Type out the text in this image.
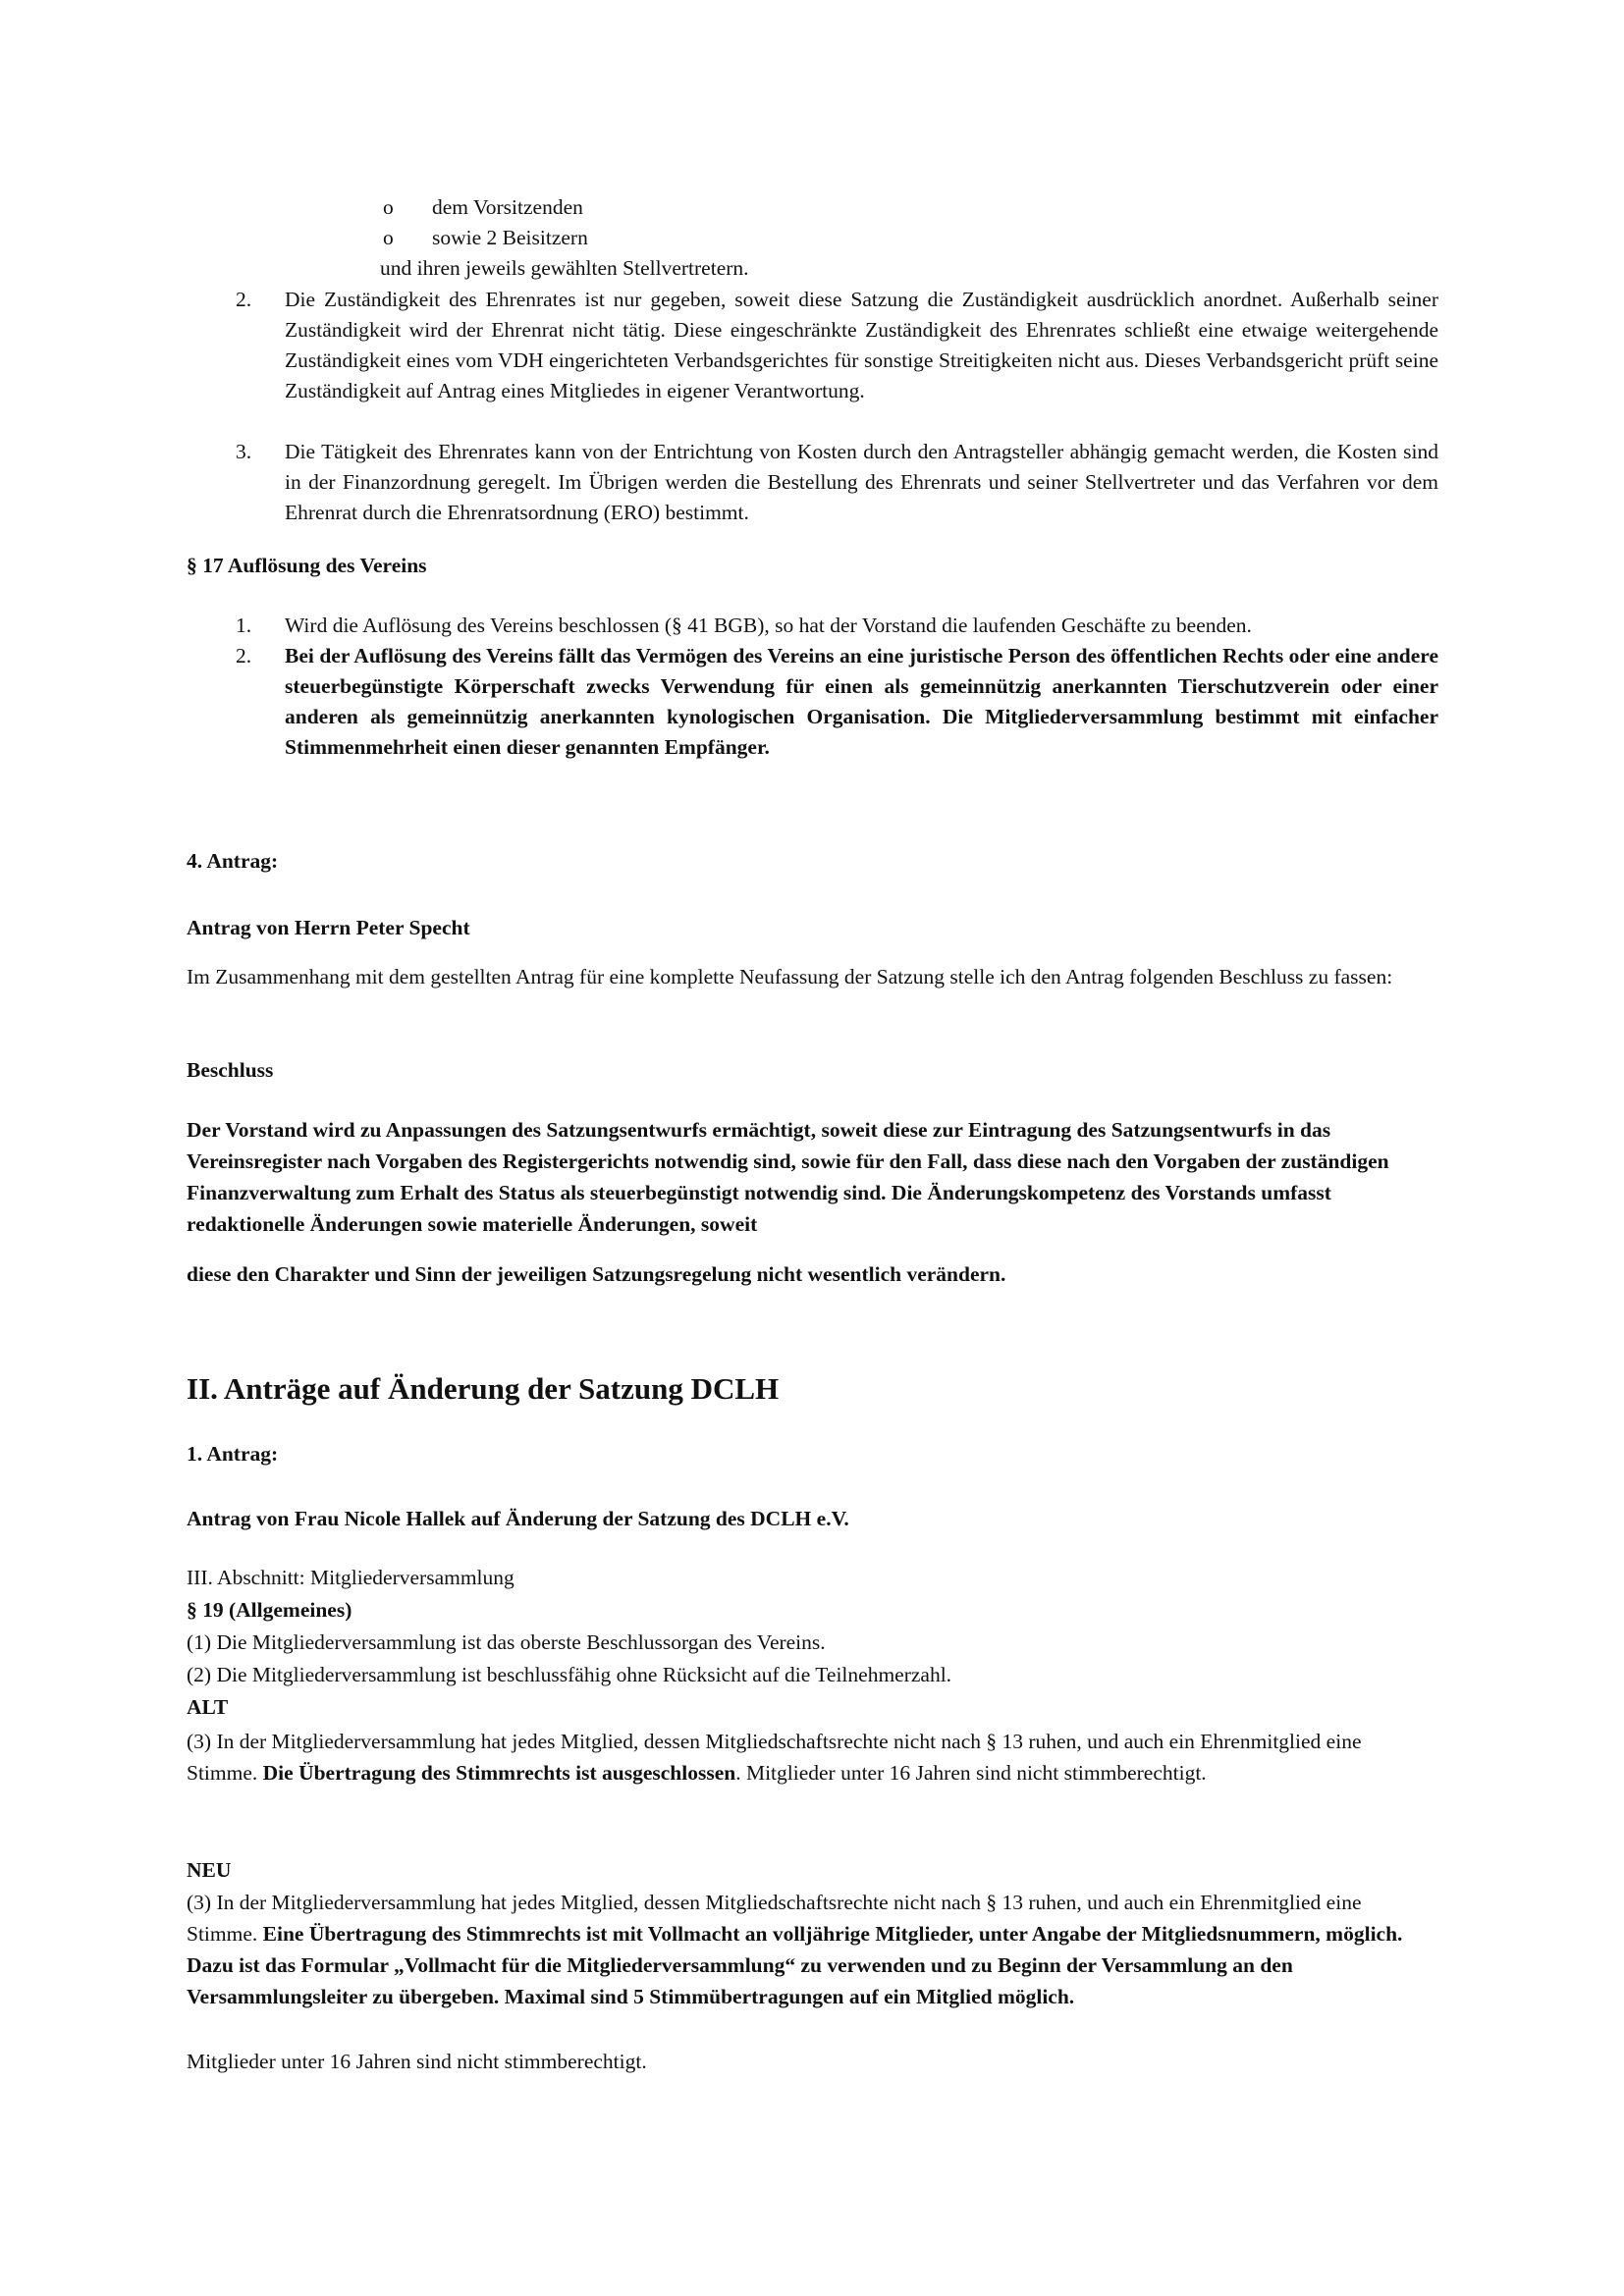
o dem Vorsitzenden
o sowie 2 Beisitzern
und ihren jeweils gewählten Stellvertretern.
2. Die Zuständigkeit des Ehrenrates ist nur gegeben, soweit diese Satzung die Zuständigkeit ausdrücklich anordnet. Außerhalb seiner Zuständigkeit wird der Ehrenrat nicht tätig. Diese eingeschränkte Zuständigkeit des Ehrenrates schließt eine etwaige weitergehende Zuständigkeit eines vom VDH eingerichteten Verbandsgerichtes für sonstige Streitigkeiten nicht aus. Dieses Verbandsgericht prüft seine Zuständigkeit auf Antrag eines Mitgliedes in eigener Verantwortung.
3. Die Tätigkeit des Ehrenrates kann von der Entrichtung von Kosten durch den Antragsteller abhängig gemacht werden, die Kosten sind in der Finanzordnung geregelt. Im Übrigen werden die Bestellung des Ehrenrats und seiner Stellvertreter und das Verfahren vor dem Ehrenrat durch die Ehrenratsordnung (ERO) bestimmt.
§ 17 Auflösung des Vereins
1. Wird die Auflösung des Vereins beschlossen (§ 41 BGB), so hat der Vorstand die laufenden Geschäfte zu beenden.
2. Bei der Auflösung des Vereins fällt das Vermögen des Vereins an eine juristische Person des öffentlichen Rechts oder eine andere steuerbegünstigte Körperschaft zwecks Verwendung für einen als gemeinnützig anerkannten Tierschutzverein oder einer anderen als gemeinnützig anerkannten kynologischen Organisation. Die Mitgliederversammlung bestimmt mit einfacher Stimmenmehrheit einen dieser genannten Empfänger.
4. Antrag:
Antrag von Herrn Peter Specht
Im Zusammenhang mit dem gestellten Antrag für eine komplette Neufassung der Satzung stelle ich den Antrag folgenden Beschluss zu fassen:
Beschluss
Der Vorstand wird zu Anpassungen des Satzungsentwurfs ermächtigt, soweit diese zur Eintragung des Satzungsentwurfs in das Vereinsregister nach Vorgaben des Registergerichts notwendig sind, sowie für den Fall, dass diese nach den Vorgaben der zuständigen Finanzverwaltung zum Erhalt des Status als steuerbegünstigt notwendig sind. Die Änderungskompetenz des Vorstands umfasst redaktionelle Änderungen sowie materielle Änderungen, soweit
diese den Charakter und Sinn der jeweiligen Satzungsregelung nicht wesentlich verändern.
II. Anträge auf Änderung der Satzung DCLH
1. Antrag:
Antrag von Frau Nicole Hallek auf Änderung der Satzung des DCLH e.V.
III. Abschnitt: Mitgliederversammlung
§ 19 (Allgemeines)
(1) Die Mitgliederversammlung ist das oberste Beschlussorgan des Vereins.
(2) Die Mitgliederversammlung ist beschlussfähig ohne Rücksicht auf die Teilnehmerzahl.
ALT
(3) In der Mitgliederversammlung hat jedes Mitglied, dessen Mitgliedschaftsrechte nicht nach § 13 ruhen, und auch ein Ehrenmitglied eine Stimme. Die Übertragung des Stimmrechts ist ausgeschlossen. Mitglieder unter 16 Jahren sind nicht stimmberechtigt.
NEU
(3) In der Mitgliederversammlung hat jedes Mitglied, dessen Mitgliedschaftsrechte nicht nach § 13 ruhen, und auch ein Ehrenmitglied eine Stimme. Eine Übertragung des Stimmrechts ist mit Vollmacht an volljährige Mitglieder, unter Angabe der Mitgliedsnummern, möglich. Dazu ist das Formular „Vollmacht für die Mitgliederversammlung“ zu verwenden und zu Beginn der Versammlung an den Versammlungsleiter zu übergeben. Maximal sind 5 Stimmübertragungen auf ein Mitglied möglich.
Mitglieder unter 16 Jahren sind nicht stimmberechtigt.
